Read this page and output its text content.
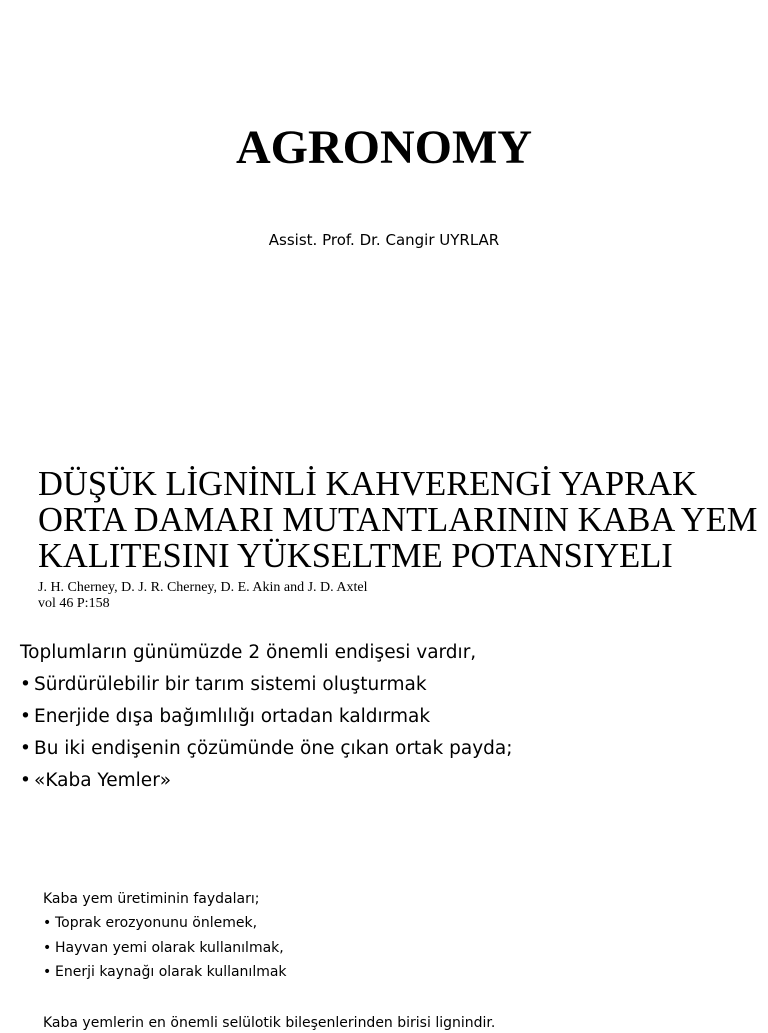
AGRONOMY

Assist. Prof. Dr. Cangir UYRLAR

DÜŞÜK LİGNİNLİ KAHVERENGİ YAPRAK
ORTA DAMARI MUTANTLARININ KABA YEM
KALITESINI YÜKSELTME POTANSIYELI
J. H. Cherney, D. J. R. Cherney, D. E. Akin and J. D. Axtel
vol 46 P:158

Toplumların günümüzde 2 önemli endişesi vardır,

• Sürdürülebilir bir tarım sistemi oluşturmak
• Enerjide dışa bağımlılığı ortadan kaldırmak
• Bu iki endişenin çözümünde öne çıkan ortak payda;
• «Kaba Yemler»

Kaba yem üretiminin faydaları;

• Toprak erozyonunu önlemek,
• Hayvan yemi olarak kullanılmak,
• Enerji kaynağı olarak kullanılmak

Kaba yemlerin en önemli selülotik bileşenlerinden birisi lignindir.
